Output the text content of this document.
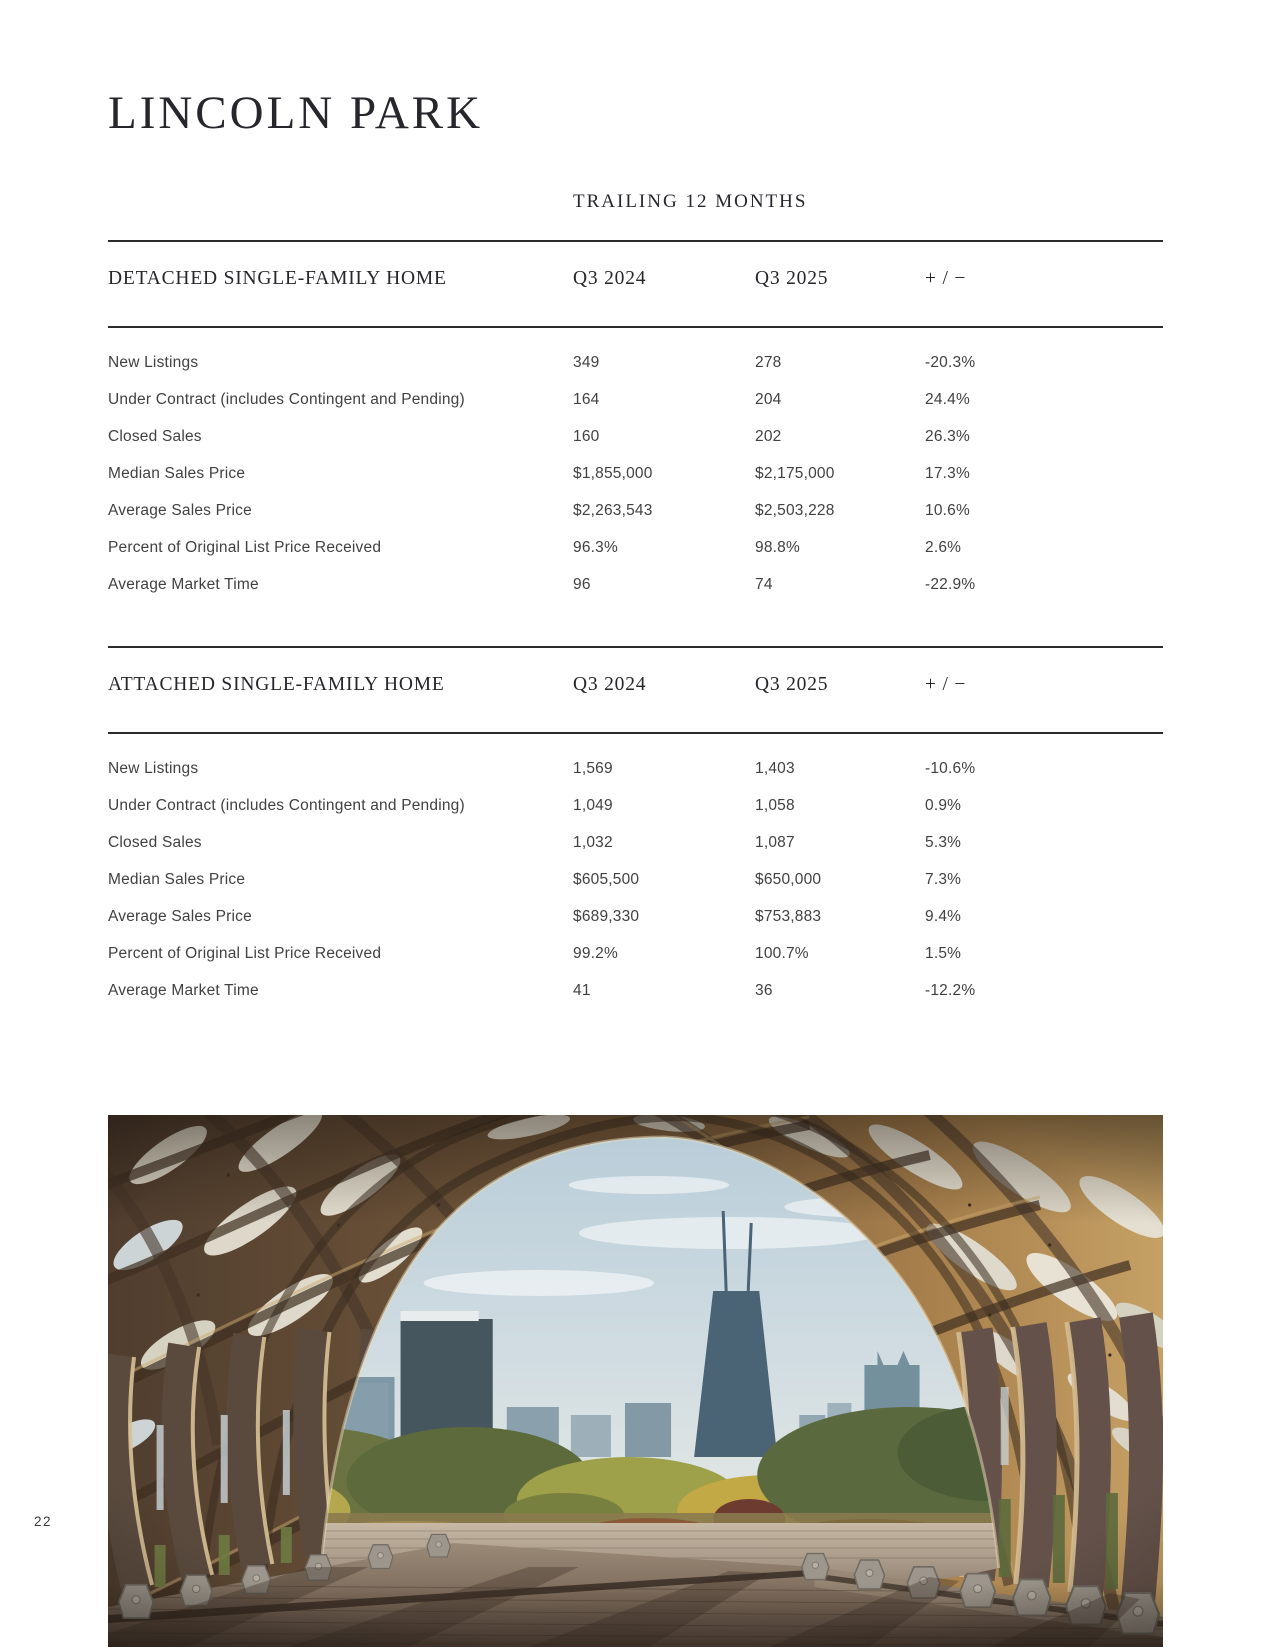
LINCOLN PARK
TRAILING 12 MONTHS
DETACHED SINGLE-FAMILY HOME	Q3 2024	Q3 2025	+ / −
New Listings	349	278	-20.3%
Under Contract (includes Contingent and Pending)	164	204	24.4%
Closed Sales	160	202	26.3%
Median Sales Price	$1,855,000	$2,175,000	17.3%
Average Sales Price	$2,263,543	$2,503,228	10.6%
Percent of Original List Price Received	96.3%	98.8%	2.6%
Average Market Time	96	74	-22.9%
ATTACHED SINGLE-FAMILY HOME	Q3 2024	Q3 2025	+ / −
New Listings	1,569	1,403	-10.6%
Under Contract (includes Contingent and Pending)	1,049	1,058	0.9%
Closed Sales	1,032	1,087	5.3%
Median Sales Price	$605,500	$650,000	7.3%
Average Sales Price	$689,330	$753,883	9.4%
Percent of Original List Price Received	99.2%	100.7%	1.5%
Average Market Time	41	36	-12.2%
22
